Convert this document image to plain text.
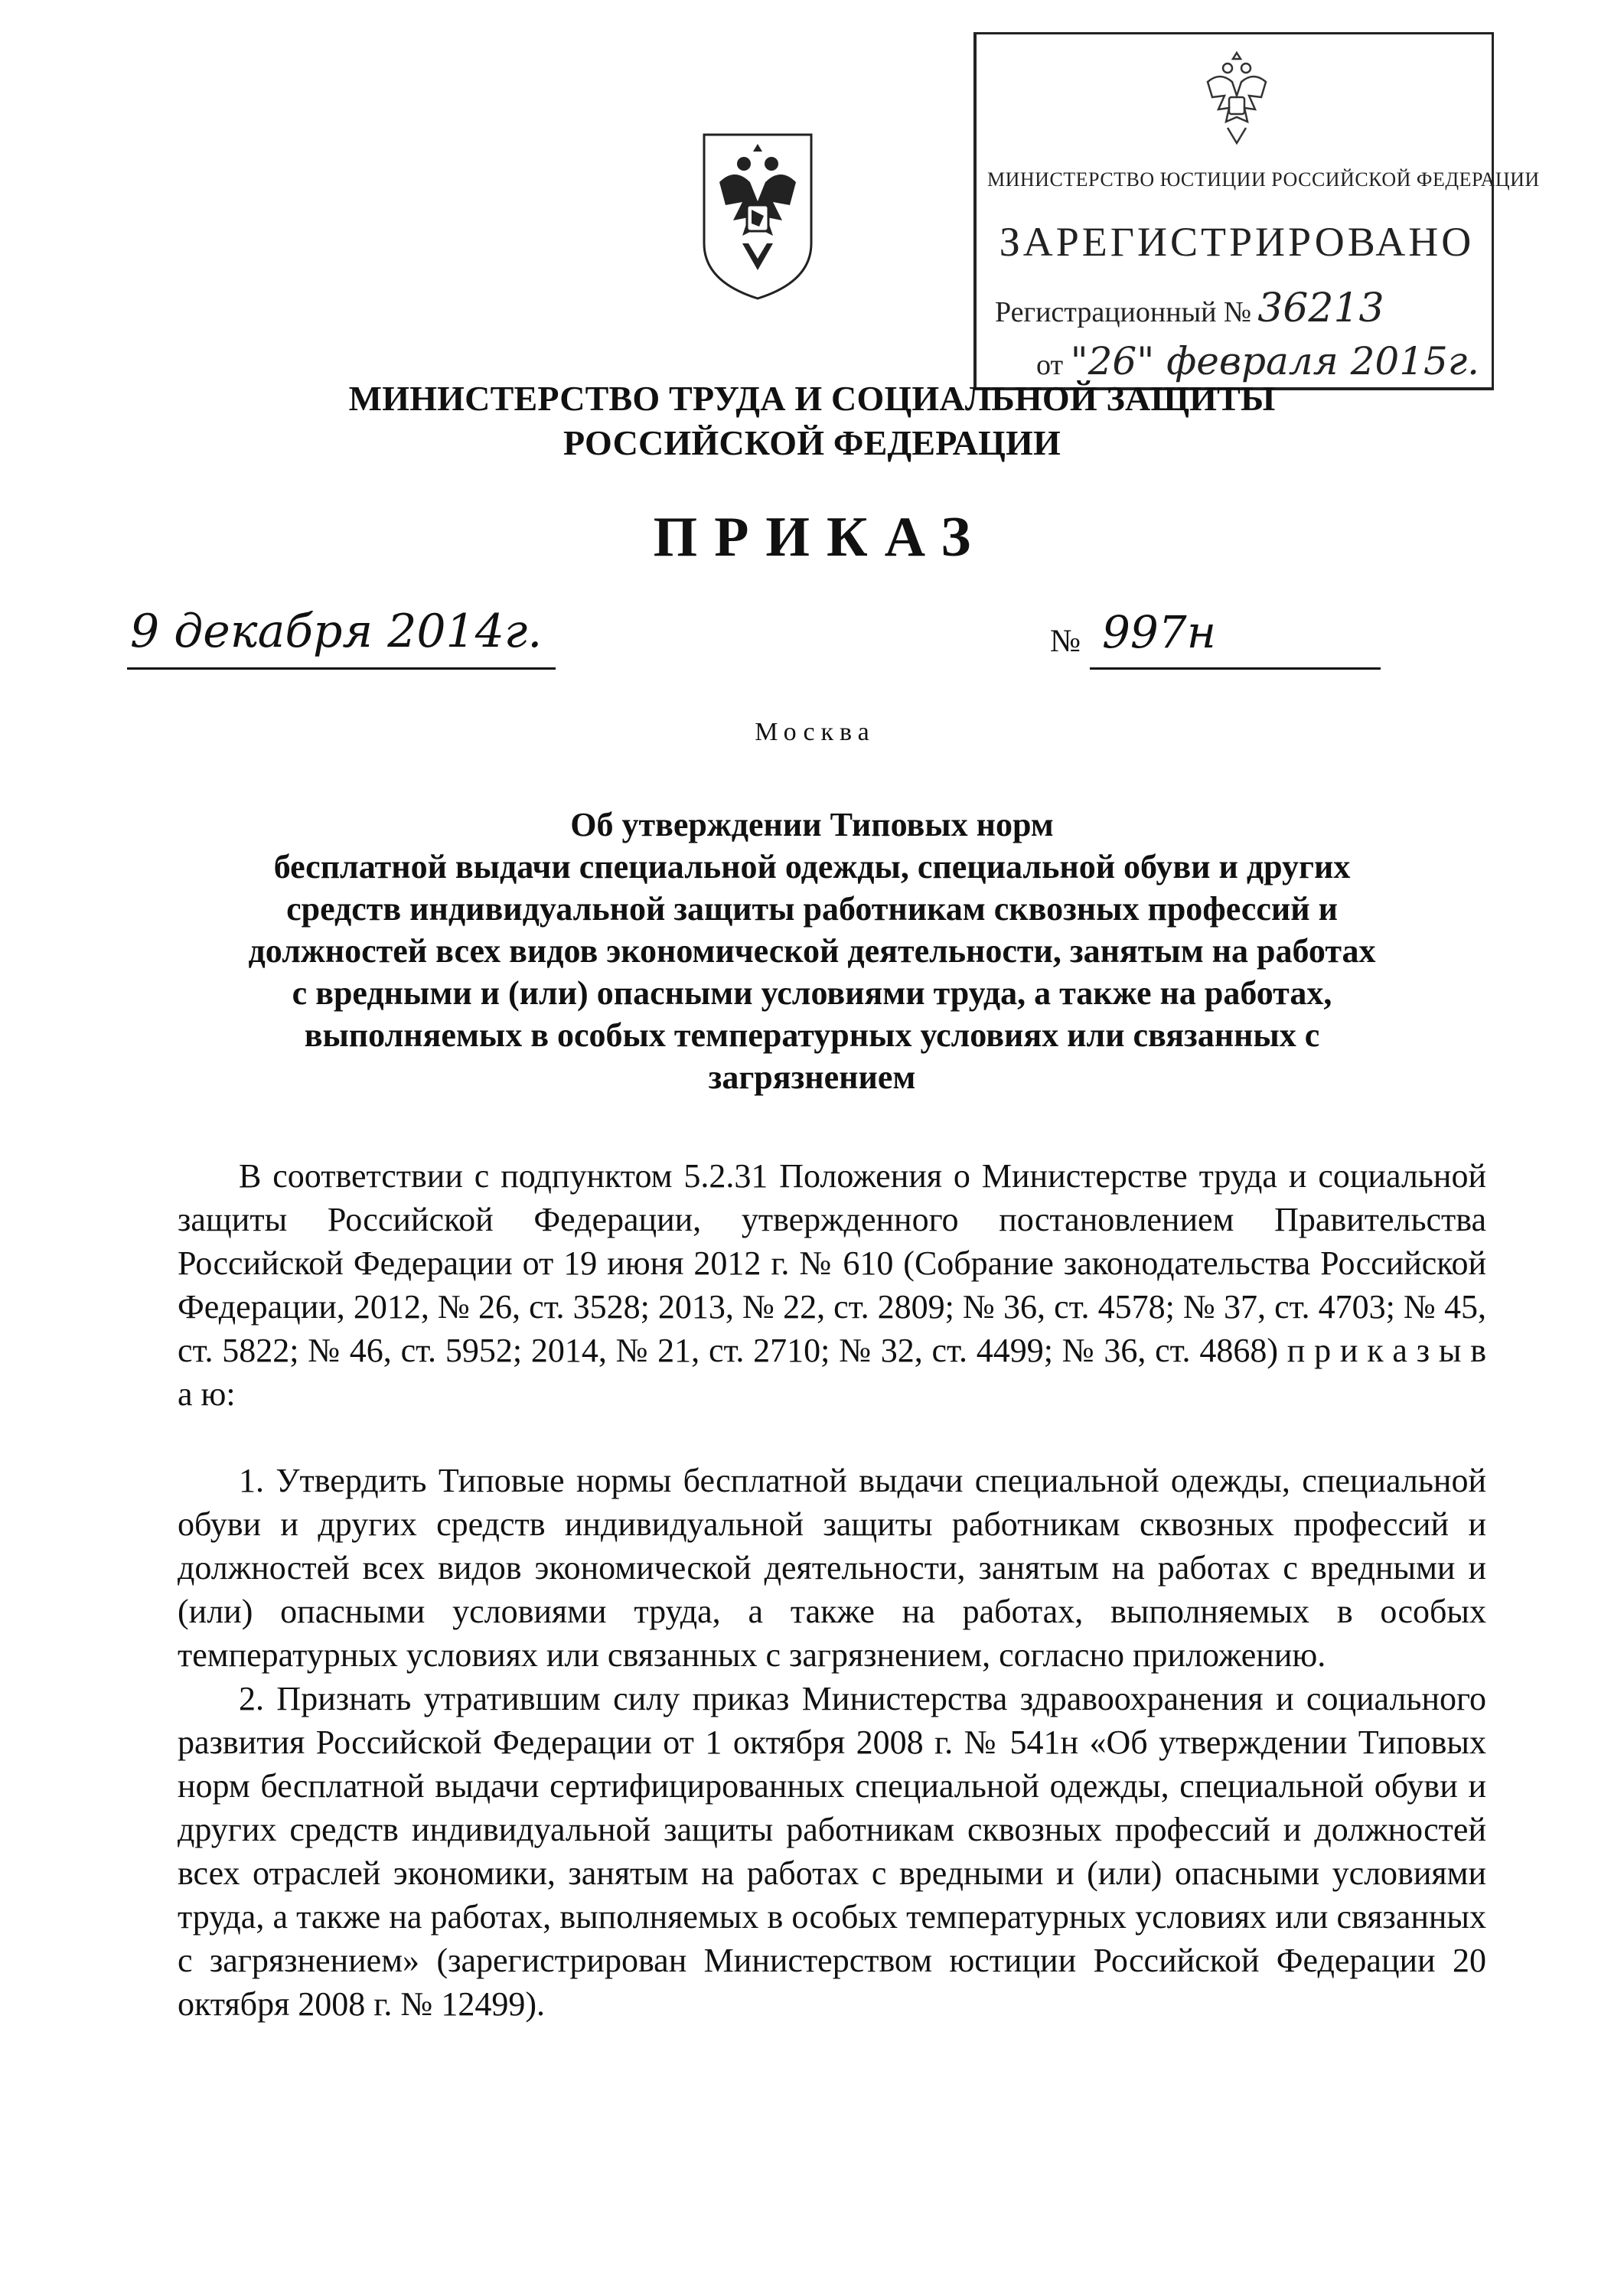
МИНИСТЕРСТВО ЮСТИЦИИ РОССИЙСКОЙ ФЕДЕРАЦИИ
ЗАРЕГИСТРИРОВАНО
Регистрационный № 36213
от "26" февраля 2015г.
МИНИСТЕРСТВО ТРУДА И СОЦИАЛЬНОЙ ЗАЩИТЫ
РОССИЙСКОЙ ФЕДЕРАЦИИ
ПРИКАЗ
9 декабря 2014г.	№ 997н
Москва
Об утверждении Типовых норм
бесплатной выдачи специальной одежды, специальной обуви и других
средств индивидуальной защиты работникам сквозных профессий и
должностей всех видов экономической деятельности, занятым на работах
с вредными и (или) опасными условиями труда, а также на работах,
выполняемых в особых температурных условиях или связанных с
загрязнением

В соответствии с подпунктом 5.2.31 Положения о Министерстве труда и социальной защиты Российской Федерации, утвержденного постановлением Правительства Российской Федерации от 19 июня 2012 г. № 610 (Собрание законодательства Российской Федерации, 2012, № 26, ст. 3528; 2013, № 22, ст. 2809; № 36, ст. 4578; № 37, ст. 4703; № 45, ст. 5822; № 46, ст. 5952; 2014, № 21, ст. 2710; № 32, ст. 4499; № 36, ст. 4868) п р и к а з ы в а ю:

1. Утвердить Типовые нормы бесплатной выдачи специальной одежды, специальной обуви и других средств индивидуальной защиты работникам сквозных профессий и должностей всех видов экономической деятельности, занятым на работах с вредными и (или) опасными условиями труда, а также на работах, выполняемых в особых температурных условиях или связанных с загрязнением, согласно приложению.

2. Признать утратившим силу приказ Министерства здравоохранения и социального развития Российской Федерации от 1 октября 2008 г. № 541н «Об утверждении Типовых норм бесплатной выдачи сертифицированных специальной одежды, специальной обуви и других средств индивидуальной защиты работникам сквозных профессий и должностей всех отраслей экономики, занятым на работах с вредными и (или) опасными условиями труда, а также на работах, выполняемых в особых температурных условиях или связанных с загрязнением» (зарегистрирован Министерством юстиции Российской Федерации 20 октября 2008 г. № 12499).
